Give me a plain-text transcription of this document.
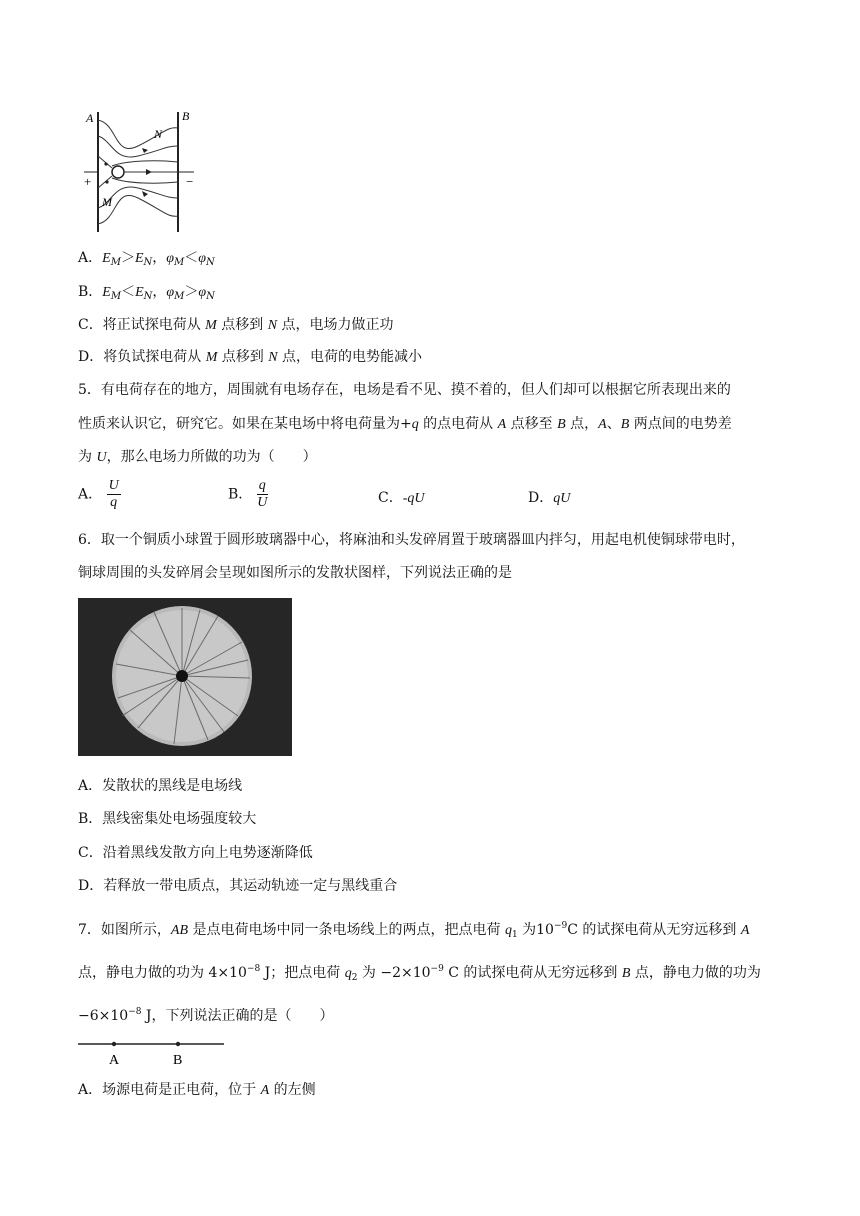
A	B
N
M
+	−
A．$E_M>E_N$，$\varphi_M<\varphi_N$
B．$E_M<E_N$，$\varphi_M>\varphi_N$
C．将正试探电荷从 M 点移到 N 点，电场力做正功
D．将负试探电荷从 M 点移到 N 点，电荷的电势能减小
5．有电荷存在的地方，周围就有电场存在，电场是看不见、摸不着的，但人们却可以根据它所表现出来的
性质来认识它，研究它。如果在某电场中将电荷量为+q 的点电荷从 A 点移至 B 点，A、B 两点间的电势差
为 U，那么电场力所做的功为（　　）
A． $\frac{U}{q}$	B． $\frac{q}{U}$	C．-qU	D．qU
6．取一个铜质小球置于圆形玻璃器中心，将麻油和头发碎屑置于玻璃器皿内拌匀，用起电机使铜球带电时，
铜球周围的头发碎屑会呈现如图所示的发散状图样，下列说法正确的是
A．发散状的黑线是电场线
B．黑线密集处电场强度较大
C．沿着黑线发散方向上电势逐渐降低
D．若释放一带电质点，其运动轨迹一定与黑线重合
7．如图所示，AB 是点电荷电场中同一条电场线上的两点，把点电荷 $q_1$ 为$10^{-9}C$ 的试探电荷从无穷远移到 A
点，静电力做的功为 $4\times 10^{-8}$ J；把点电荷 $q_2$ 为 $-2\times 10^{-9}$ C 的试探电荷从无穷远移到 B 点，静电力做的功为
$-6\times 10^{-8}$ J，下列说法正确的是（　　）
A	B
A．场源电荷是正电荷，位于 A 的左侧
